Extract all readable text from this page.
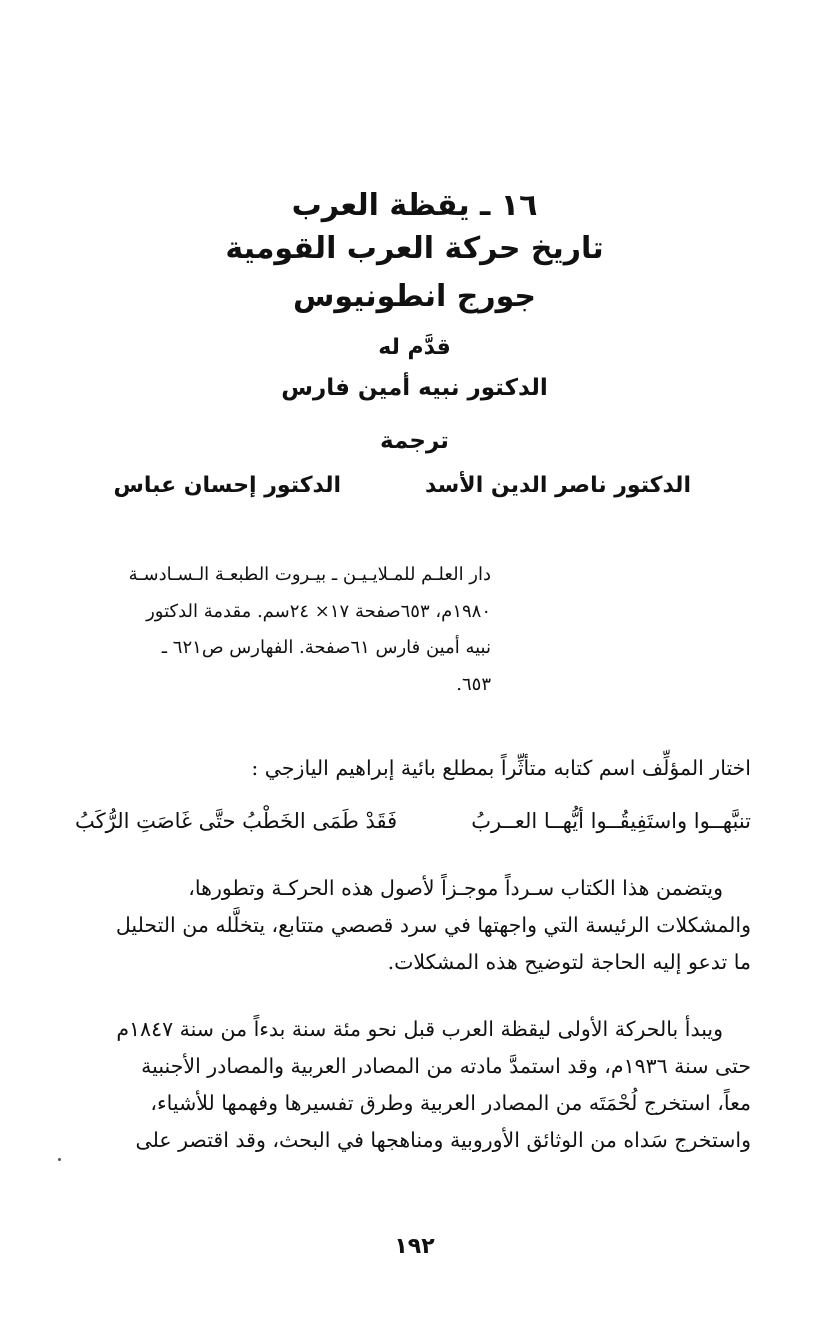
١٦ ـ يقظة العرب
تاريخ حركة العرب القومية
جورج انطونيوس
قدَّم له
الدكتور نبيه أمين فارس
ترجمة
الدكتور ناصر الدين الأسد
الدكتور إحسان عباس
دار العلـم للمـلايـيـن ـ بيـروت الطبعـة الـسـادسـة
١٩٨٠م، ٦٥٣صفحة ١٧× ٢٤سم. مقدمة الدكتور
نبيه أمين فارس ٦١صفحة. الفهارس ص٦٢١ ـ
٦٥٣.
اختار المؤلِّف اسم كتابه متأثِّراً بمطلع بائية إبراهيم اليازجي :
تنبَّهــوا واستَفِيقُــوا أيُّهــا العــربُ
فَقَدْ طَمَى الخَطْبُ حتَّى غَاصَتِ الرُّكَبُ
ويتضمن هذا الكتاب سـرداً موجـزاً لأصول هذه الحركـة وتطورها،
والمشكلات الرئيسة التي واجهتها في سرد قصصي متتابع، يتخلَّله من التحليل
ما تدعو إليه الحاجة لتوضيح هذه المشكلات.
ويبدأ بالحركة الأولى ليقظة العرب قبل نحو مئة سنة بدءاً من سنة ١٨٤٧م
حتى سنة ١٩٣٦م، وقد استمدَّ مادته من المصادر العربية والمصادر الأجنبية
معاً، استخرج لُحْمَتَه من المصادر العربية وطرق تفسيرها وفهمها للأشياء،
واستخرج سَداه من الوثائق الأوروبية ومناهجها في البحث، وقد اقتصر على
١٩٢
